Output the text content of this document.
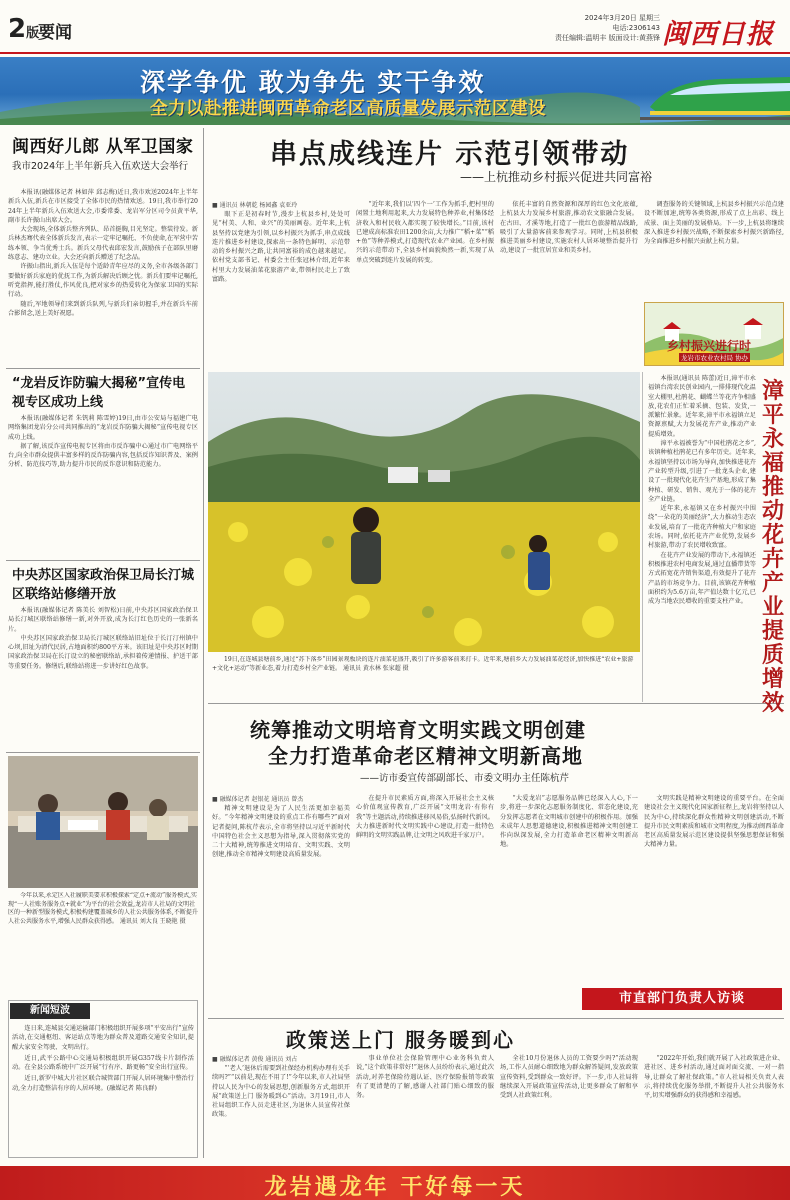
2版
要闻
2024年3月20日 星期三
电话:2306143
责任编辑:温明丰 版面设计:黄燕锋 闽西日报
深学争优 敢为争先 实干争效
全力以赴推进闽西革命老区高质量发展示范区建设
闽西好儿郎 从军卫国家
我市2024年上半年新兵入伍欢送大会举行

本报讯(融媒体记者 林如萍 邱志梅)近日,我市欢送2024年上半年新兵入伍,新兵在市区接受了全体市民的热情欢送。19日,我市举行2024年上半年新兵入伍欢送大会,市委常委、龙岩军分区司令员黄平华,副市长许振山出席大会。

大会现场,全体新兵整齐列队、昂首挺胸,目光坚定。整装待发。新兵林杰骞代表全体新兵发言,表示一定牢记嘱托、不负使命,在军营中苦练本领、争当优秀士兵。新兵父母代表邱宏发言,鼓励孩子在部队里磨练意志、建功立业。大会还向新兵赠送了纪念品。

许振山指出,新兵入伍是每个适龄青年应尽的义务,全市各级各部门要做好新兵家庭的优抚工作,为新兵解决后顾之忧。新兵们要牢记嘱托,听党指挥,能打胜仗,作风优良,把对家乡的热爱转化为保家卫国的实际行动。

随后,军地领导们来到新兵队列,与新兵们亲切握手,并在新兵车前合影留念,送上美好祝愿。

“龙岩反诈防骗大揭秘”宣传电视专区成功上线

本报讯(融媒体记者 朱钒莉 陈雪婷)19日,由市公安局与福建广电网络集团龙岩分公司共同推出的“龙岩反诈防骗大揭秘”宣传电视专区成功上线。

据了解,该反诈宣传电视专区将由市反诈骗中心通过市广电网络平台,向全市群众提供丰富多样的反诈防骗内容,包括反诈知识普及、案例分析、防范技巧等,助力提升市民的反诈意识和防范能力。

中央苏区国家政治保卫局长汀城区联络站修缮开放

本报讯(融媒体记者 陈美长 刘智松)日前,中央苏区国家政治保卫局长汀城区联络站修缮一新,对外开放,成为长汀红色历史的一张新名片。

中央苏区国家政治保卫局长汀城区联络站旧址位于长汀汀州镇中心坝,旧址为清代民居,占地面积约800平方米。该旧址是中央苏区时期国家政治保卫局在长汀设立的秘密联络站,承担着传递情报、护送干部等重要任务。修缮后,联络站将进一步讲好红色故事。

今年以来,永定区入社履职美要求积极探索“定点+流动”服务模式,实现“一人社账务服务点+就业”为平台的社会效益,龙岩市人社局的文明社区的一种新型服务模式,积极构建覆盖城乡的人社公共服务体系,不断提升人社公共服务水平,增强人民群众获得感。 通讯员 刘大良 王晓艳 摄
新闻短波

连日来,连城县交通运输部门积极组织开展多项“平安出行”宣传活动,在交通枢纽、客运站点等地为群众普及道路交通安全知识,提醒大家安全驾驶、文明出行。

近日,武平公路中心交通局积极组织开展G357线卡片制作活动。在全县公路系统中广泛开展“行有序、路更畅”安全出行宣传。

近日,新罗中城大片社区联合城管部门开展人居环境集中整治行动,全力打造整洁有序的人居环境。(融媒记者 陈良群)

串点成线连片 示范引领带动
——上杭推动乡村振兴促进共同富裕
■ 通讯员 林朝乾 杨园鑫 袁亚玲

眼下正是初春时节,漫步上杭县乡村,处处可见“村美、人和、业兴”的美丽画卷。近年来,上杭县坚持以党建为引领,以乡村振兴为抓手,串点成线连片推进乡村建设,探索出一条特色鲜明、示范带动的乡村振兴之路,让共同富裕的成色越来越足。依村党支部书记、村委会主任张冠林介绍,近年来村里大力发展油菜花旅游产业,带领村民走上了致富路。

“近年来,我们以‘四个一’工作为抓手,把村里的闲置土地利用起来,大力发展特色种养业,村集体经济收入和村民收入都实现了较快增长。”目前,该村已建成高标准农田1200余亩,大力推广“稻+菜”“稻+鱼”等种养模式,打造现代农业产业园。在乡村振兴的示范带动下,全县乡村面貌焕然一新,实现了从单点突破到连片发展的转变。

依托丰富的自然资源和深厚的红色文化底蕴,上杭县大力发展乡村旅游,推动农文旅融合发展。在古田、才溪等地,打造了一批红色旅游精品线路,吸引了大量游客前来参观学习。同时,上杭县积极推进美丽乡村建设,实施农村人居环境整治提升行动,建设了一批宜居宜业和美乡村。

调查服务的关键领域,上杭县乡村振兴示范点建设不断加速,统筹各类资源,形成了点上出彩、线上成景、面上美丽的发展格局。下一步,上杭县将继续深入推进乡村振兴战略,不断探索乡村振兴新路径,为全面推进乡村振兴贡献上杭力量。

乡村振兴进行时
龙岩市农业农村局 协办
19日,在连城县塘前乡,通过“苏下落乡”田园景观板块的连片油菜花盛开,吸引了许多游客前来打卡。近年来,塘前乡大力发展油菜花经济,加快推进“农业+旅游+文化+运动”等新业态,着力打造乡村全产业链。 通讯员 黄水林 张家超 摄

本报讯(通讯员 陈蕾)近日,漳平市永福镇台湾农民创业园内,一排排现代化温室大棚里,杜鹃花、蝴蝶兰等花卉争相盛放,花农们正忙着采摘、包装、发货,一派繁忙景象。近年来,漳平市永福镇立足资源禀赋,大力发展花卉产业,推动产业提质增效。

漳平永福被誉为“中国杜鹃花之乡”,该镇种植杜鹃花已有多年历史。近年来,永福镇坚持以市场为导向,加快推进花卉产业转型升级,引进了一批龙头企业,建设了一批现代化花卉生产基地,形成了集种植、研发、销售、观光于一体的花卉全产业链。

近年来,永福镇又在乡村振兴中围绕“一朵花的美丽经济”,大力推动生态农业发展,培育了一批花卉种植大户和家庭农场。同时,依托花卉产业优势,发展乡村旅游,带动了农民增收致富。

在花卉产业发展的带动下,永福镇还积极推进农村电商发展,通过直播带货等方式拓宽花卉销售渠道,有效提升了花卉产品的市场竞争力。目前,该镇花卉种植面积约为5.6万亩,年产值达数十亿元,已成为当地农民增收的重要支柱产业。

漳平永福推动花卉产业提质增效
统筹推动文明培育文明实践文明创建
全力打造革命老区精神文明新高地
——访市委宣传部副部长、市委文明办主任陈杭芹
■ 融媒体记者 赵银花 通讯员 曾杰

精神文明建设是为了人民生活更加幸福美好。“今年精神文明建设的重点工作有哪些?”面对记者提问,陈杭芹表示,全市将坚持以习近平新时代中国特色社会主义思想为指导,深入贯彻落实党的二十大精神,统筹推进文明培育、文明实践、文明创建,推动全市精神文明建设高质量发展。

在提升市民素质方面,将深入开展社会主义核心价值观宣传教育,广泛开展“文明龙岩·有你有我”等主题活动,持续推进移风易俗,弘扬时代新风。大力推进新时代文明实践中心建设,打造一批特色鲜明的文明实践品牌,让文明之风吹进千家万户。

“大爱龙岩”志愿服务品牌已经深入人心,下一步,将进一步深化志愿服务制度化、常态化建设,充分发挥志愿者在文明城市创建中的积极作用。加强未成年人思想道德建设,积极推进精神文明创建工作向纵深发展,全力打造革命老区精神文明新高地。

文明实践是精神文明建设的重要平台。在全面建设社会主义现代化国家新征程上,龙岩将坚持以人民为中心,持续深化群众性精神文明创建活动,不断提升市民文明素质和城市文明程度,为推动闽西革命老区高质量发展示范区建设提供坚强思想保证和强大精神力量。

市直部门负责人访谈
政策送上门 服务暖到心
■ 融媒体记者 黄俊 通讯员 刘占

“‘老人’退休后需要到社保经办机构办理有关手续吗?”“以前是,现在不用了!”今年以来,市人社局坚持以人民为中心的发展思想,创新服务方式,组织开展“政策送上门 服务暖到心”活动。3月19日,市人社局组织工作人员走进社区,为退休人员宣传社保政策。

事业单位社会保险管理中心业务科负责人说,“这个政策非常好!”退休人员纷纷表示,通过此次活动,对养老保险待遇认证、医疗保险报销等政策有了更清楚的了解,感谢人社部门贴心细致的服务。

全社10月份退休人员的工资要少吗?”活动现场,工作人员耐心细致地为群众解答疑问,发放政策宣传资料,受到群众一致好评。下一步,市人社局将继续深入开展政策宣传活动,让更多群众了解和享受到人社政策红利。

“2022年开始,我们就开展了入社政策进企业、进社区、进乡村活动,通过面对面交流、一对一指导,让群众了解社保政策。”市人社局相关负责人表示,将持续优化服务举措,不断提升人社公共服务水平,切实增强群众的获得感和幸福感。

龙岩遇龙年 干好每一天
